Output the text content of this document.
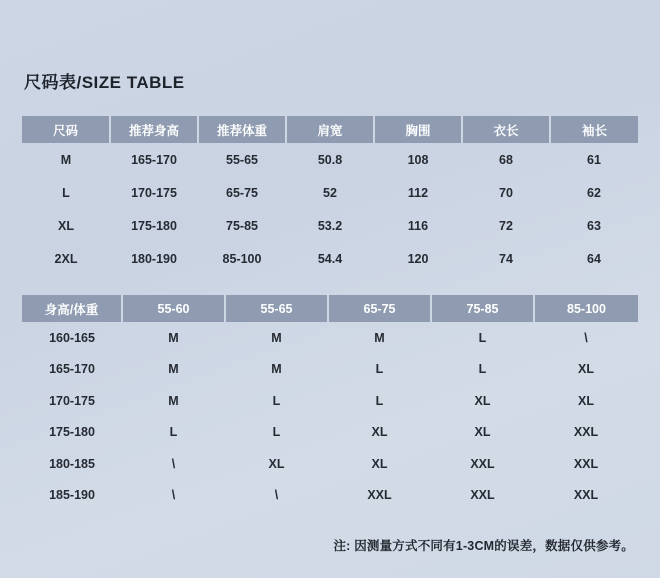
尺码表/SIZE TABLE
尺码	推荐身高	推荐体重	肩宽	胸围	衣长	袖长
M	165-170	55-65	50.8	108	68	61
L	170-175	65-75	52	112	70	62
XL	175-180	75-85	53.2	116	72	63
2XL	180-190	85-100	54.4	120	74	64
身高/体重	55-60	55-65	65-75	75-85	85-100
160-165	M	M	M	L	\
165-170	M	M	L	L	XL
170-175	M	L	L	XL	XL
175-180	L	L	XL	XL	XXL
180-185	\	XL	XL	XXL	XXL
185-190	\	\	XXL	XXL	XXL
注: 因测量方式不同有1-3CM的误差，数据仅供参考。
